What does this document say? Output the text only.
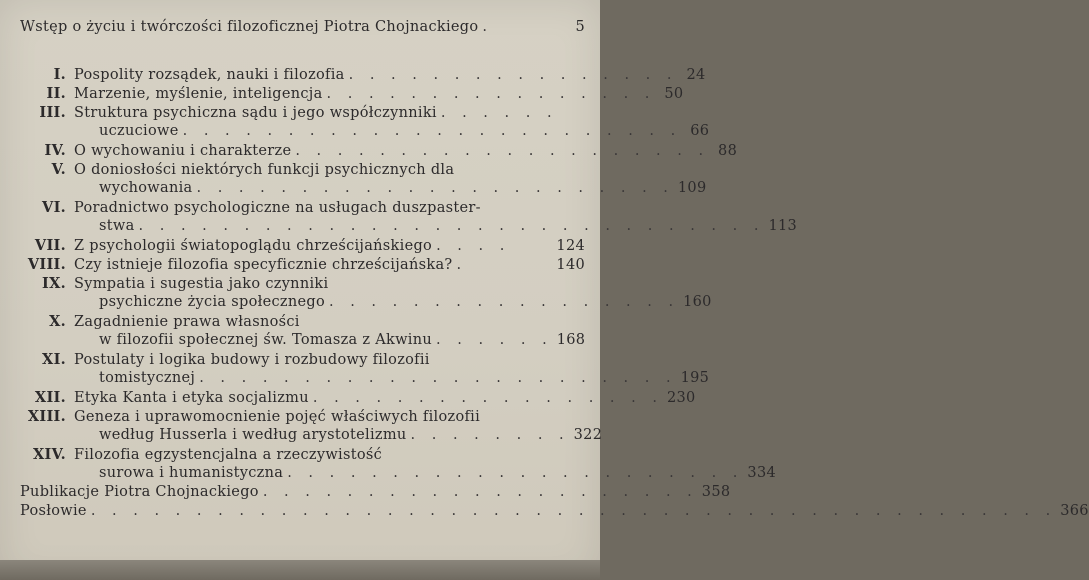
Wstęp o życiu i twórczości filozoficznej Piotra Chojnackiego .	5
I. Pospolity rozsądek, nauki i filozofia . . . . . . . . . . . . . . . . 24
II. Marzenie, myślenie, inteligencja . . . . . . . . . . . . . . . . 50
III. Struktura psychiczna sądu i jego współczynniki . . . . . .
uczuciowe . . . . . . . . . . . . . . . . . . . . . . . . 66
IV. O wychowaniu i charakterze . . . . . . . . . . . . . . . . . . . . 88
V. O doniosłości niektórych funkcji psychicznych dla
wychowania . . . . . . . . . . . . . . . . . . . . . . . 109
VI. Poradnictwo psychologiczne na usługach duszpaster-
stwa . . . . . . . . . . . . . . . . . . . . . . . . . . . . . . 113
VII. Z psychologii światopoglądu chrześcijańskiego . . . .	124
VIII. Czy istnieje filozofia specyficznie chrześcijańska? .	140
IX. Sympatia i sugestia jako czynniki
psychiczne życia społecznego . . . . . . . . . . . . . . . . . 160
X. Zagadnienie prawa własności
w filozofii społecznej św. Tomasza z Akwinu . . . . . . 168
XI. Postulaty i logika budowy i rozbudowy filozofii
tomistycznej . . . . . . . . . . . . . . . . . . . . . . . 195
XII. Etyka Kanta i etyka socjalizmu . . . . . . . . . . . . . . . . . 230
XIII. Geneza i uprawomocnienie pojęć właściwych filozofii
według Husserla i według arystotelizmu . . . . . . . . 322
XIV. Filozofia egzystencjalna a rzeczywistość
surowa i humanistyczna . . . . . . . . . . . . . . . . . . . . . . 334
Publikacje Piotra Chojnackiego . . . . . . . . . . . . . . . . . . . . . 358
Posłowie . . . . . . . . . . . . . . . . . . . . . . . . . . . . . . . . . . . . . . . . . . . . . . 366
